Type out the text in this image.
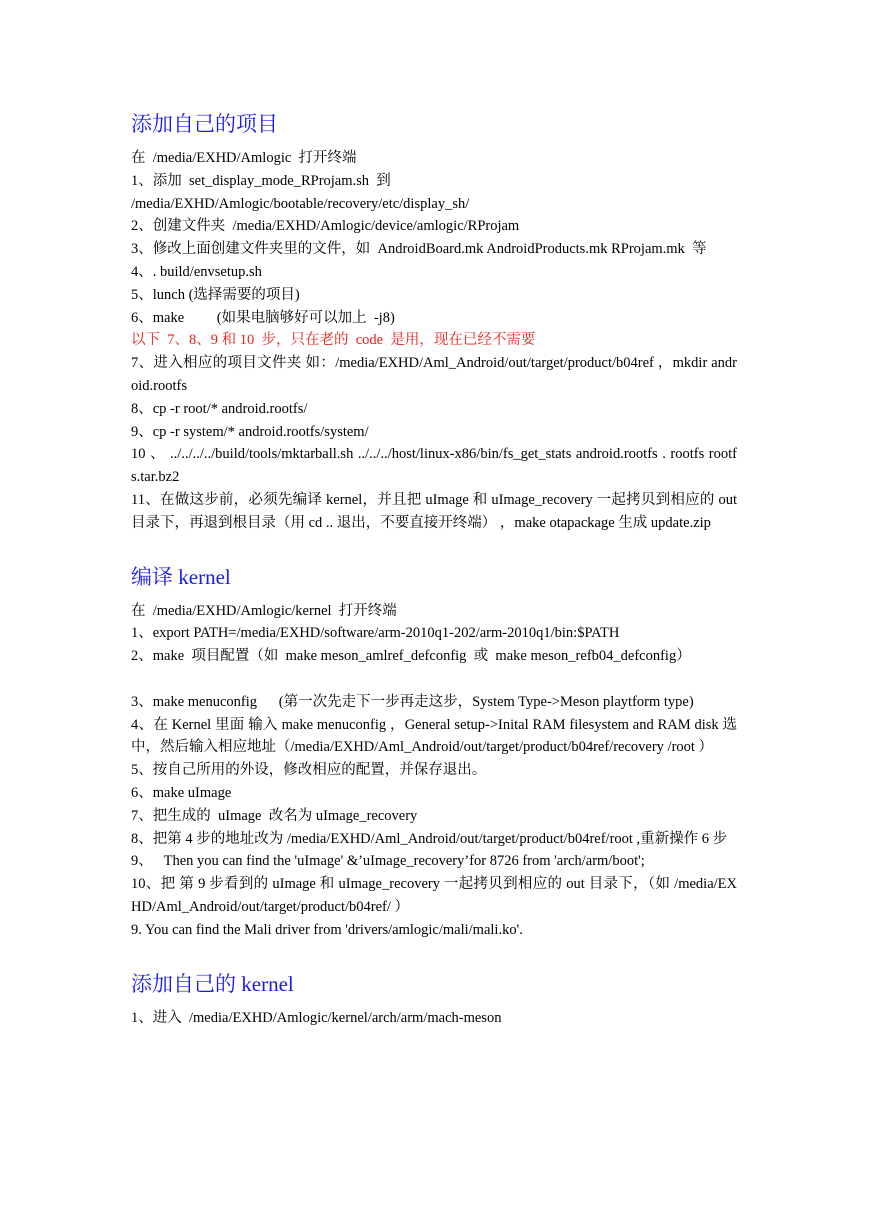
添加自己的项目
在  /media/EXHD/Amlogic  打开终端
1、添加  set_display_mode_RProjam.sh  到
/media/EXHD/Amlogic/bootable/recovery/etc/display_sh/
2、创建文件夹  /media/EXHD/Amlogic/device/amlogic/RProjam
3、修改上面创建文件夹里的文件，如  AndroidBoard.mk AndroidProducts.mk RProjam.mk  等
4、. build/envsetup.sh
5、lunch (选择需要的项目)
6、make         (如果电脑够好可以加上  -j8)
以下  7、8、9 和 10  步，只在老的  code  是用，现在已经不需要
7、进入相应的项目文件夹 如：/media/EXHD/Aml_Android/out/target/product/b04ref ，mkdir android.rootfs
8、cp -r root/* android.rootfs/
9、cp -r system/* android.rootfs/system/
10 、 ../../../../build/tools/mktarball.sh ../../../host/linux-x86/bin/fs_get_stats android.rootfs . rootfs rootfs.tar.bz2
11、在做这步前，必须先编译 kernel，并且把 uImage 和 uImage_recovery 一起拷贝到相应的 out 目录下，再退到根目录（用 cd .. 退出，不要直接开终端） ，make otapackage 生成 update.zip
编译 kernel
在  /media/EXHD/Amlogic/kernel  打开终端
1、export PATH=/media/EXHD/software/arm-2010q1-202/arm-2010q1/bin:$PATH
2、make  项目配置（如  make meson_amlref_defconfig  或  make meson_refb04_defconfig）
3、make menuconfig      (第一次先走下一步再走这步，System Type->Meson playtform type)
4、在 Kernel 里面 输入 make menuconfig ，General setup->Inital RAM filesystem and RAM disk 选中，然后输入相应地址（/media/EXHD/Aml_Android/out/target/product/b04ref/recovery /root ）
5、按自己所用的外设，修改相应的配置，并保存退出。
6、make uImage
7、把生成的  uImage  改名为 uImage_recovery
8、把第 4 步的地址改为 /media/EXHD/Aml_Android/out/target/product/b04ref/root ,重新操作 6 步
9、   Then you can find the 'uImage' &’uImage_recovery’for 8726 from 'arch/arm/boot';
10、把 第 9 步看到的 uImage 和 uImage_recovery 一起拷贝到相应的 out 目录下，（如 /media/EXHD/Aml_Android/out/target/product/b04ref/ ）
9. You can find the Mali driver from 'drivers/amlogic/mali/mali.ko'.
添加自己的 kernel
1、进入  /media/EXHD/Amlogic/kernel/arch/arm/mach-meson
